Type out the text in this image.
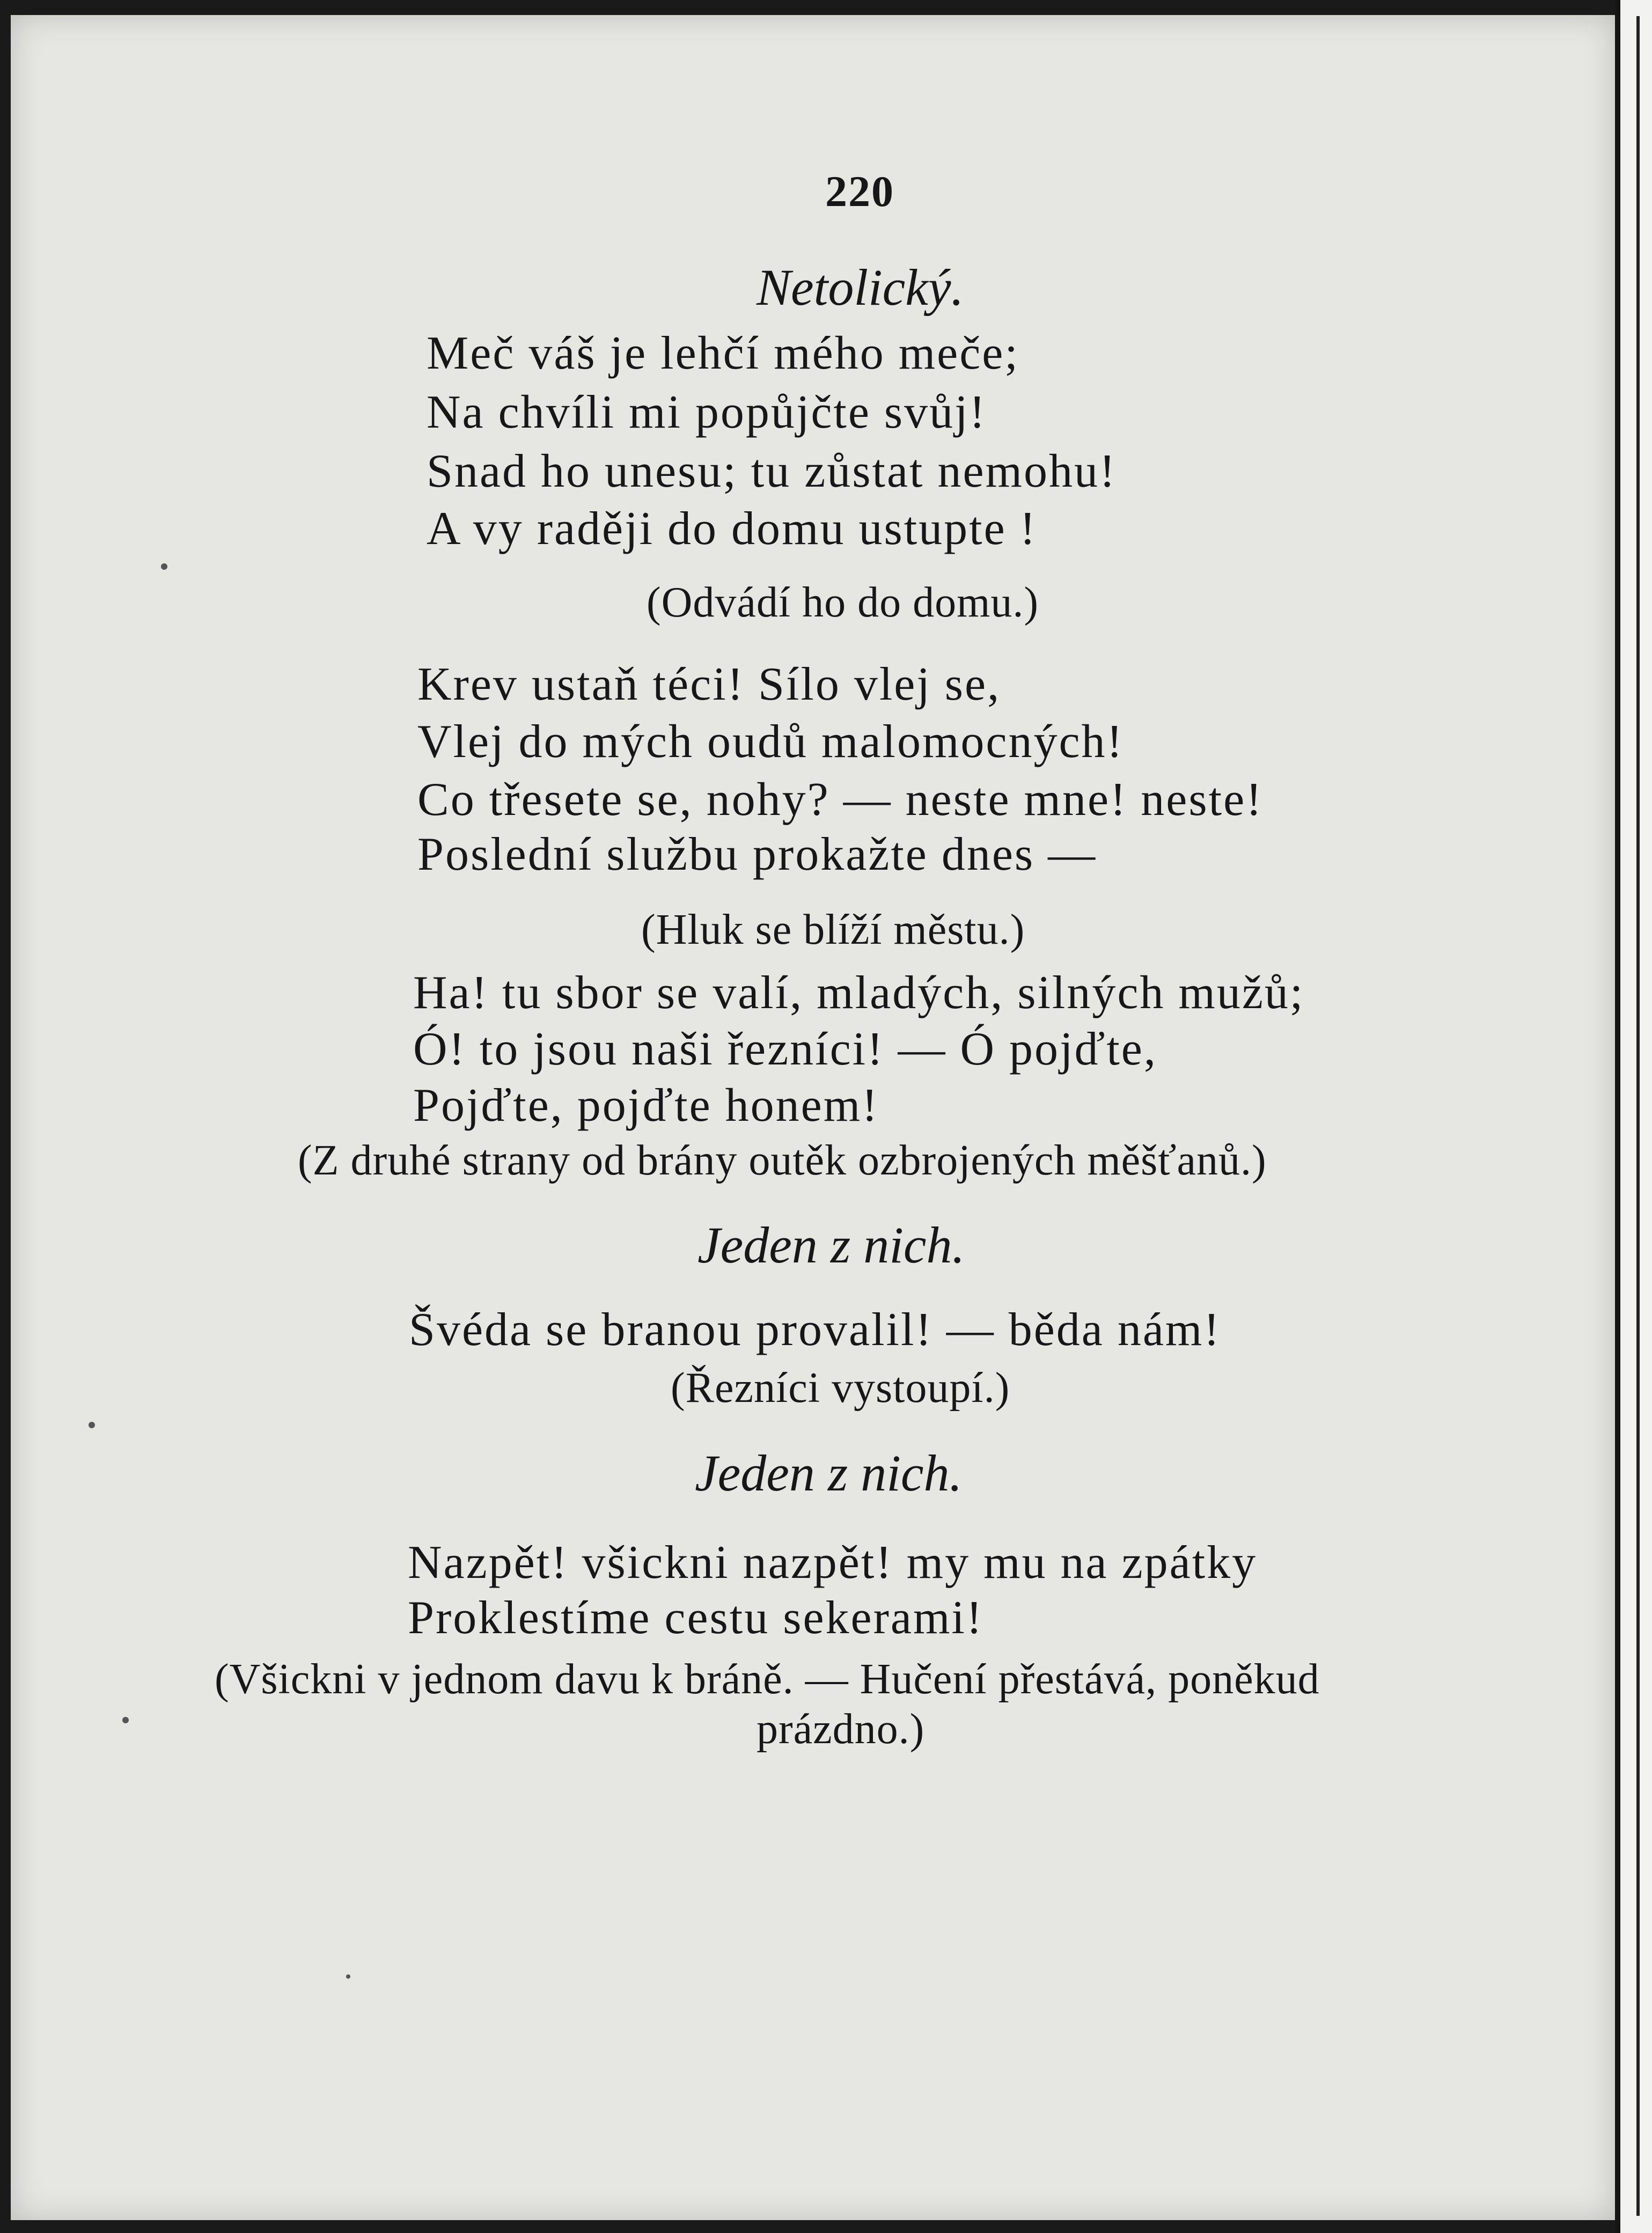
220
Netolický.
Meč váš je lehčí mého meče;
Na chvíli mi popůjčte svůj!
Snad ho unesu; tu zůstat nemohu!
A vy raději do domu ustupte !
(Odvádí ho do domu.)
Krev ustaň téci! Sílo vlej se,
Vlej do mých oudů malomocných!
Co třesete se, nohy? — neste mne! neste!
Poslední službu prokažte dnes —
(Hluk se blíží městu.)
Ha! tu sbor se valí, mladých, silných mužů;
Ó! to jsou naši řezníci! — Ó pojďte,
Pojďte, pojďte honem!
(Z druhé strany od brány outěk ozbrojených měšťanů.)
Jeden z nich.
Švéda se branou provalil! — běda nám!
(Řezníci vystoupí.)
Jeden z nich.
Nazpět! všickni nazpět! my mu na zpátky
Proklestíme cestu sekerami!
(Všickni v jednom davu k bráně. — Hučení přestává, poněkud
prázdno.)
